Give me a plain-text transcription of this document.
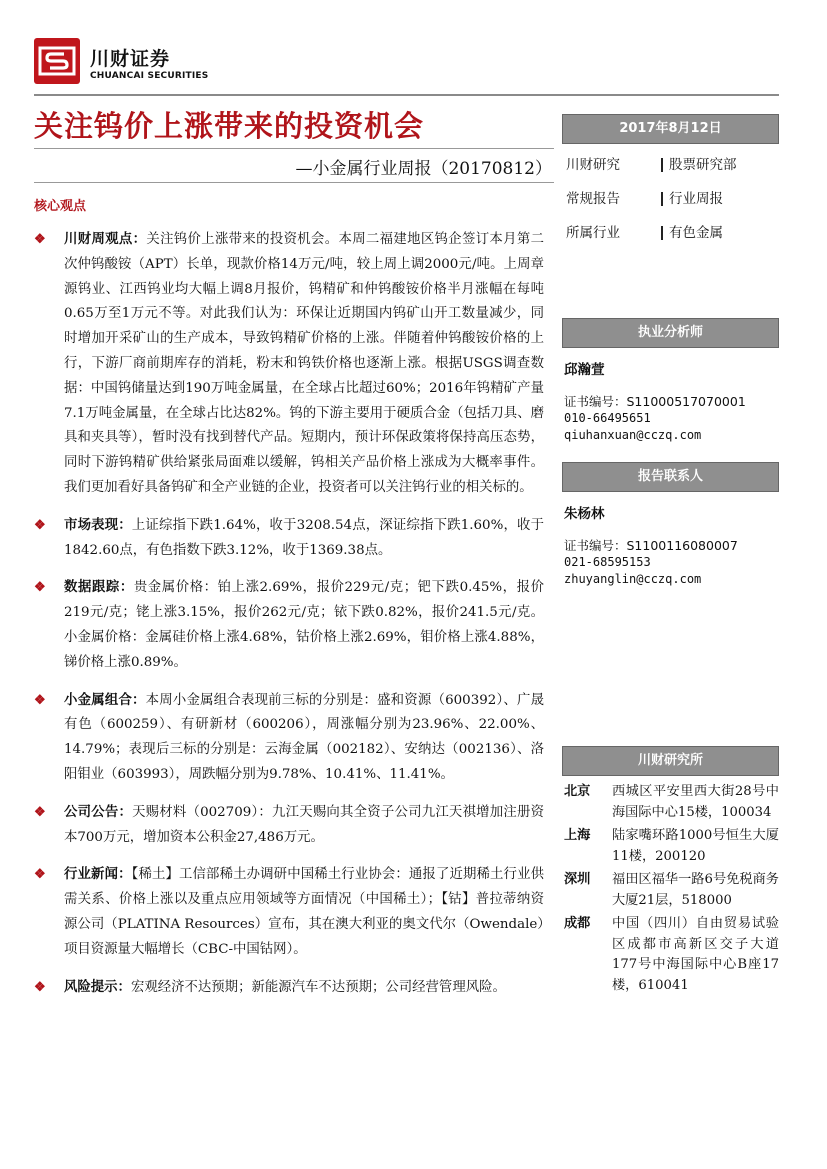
川财证券
CHUANCAI SECURITIES
关注钨价上涨带来的投资机会
—小金属行业周报（20170812）
核心观点
❖ 川财周观点：关注钨价上涨带来的投资机会。本周二福建地区钨企签订本月第二次仲钨酸铵（APT）长单，现款价格14万元/吨，较上周上调2000元/吨。上周章源钨业、江西钨业均大幅上调8月报价，钨精矿和仲钨酸铵价格半月涨幅在每吨0.65万至1万元不等。对此我们认为：环保让近期国内钨矿山开工数量减少，同时增加开采矿山的生产成本，导致钨精矿价格的上涨。伴随着仲钨酸铵价格的上行，下游厂商前期库存的消耗，粉末和钨铁价格也逐渐上涨。根据USGS调查数据：中国钨储量达到190万吨金属量，在全球占比超过60%；2016年钨精矿产量7.1万吨金属量，在全球占比达82%。钨的下游主要用于硬质合金（包括刀具、磨具和夹具等），暂时没有找到替代产品。短期内，预计环保政策将保持高压态势，同时下游钨精矿供给紧张局面难以缓解，钨相关产品价格上涨成为大概率事件。我们更加看好具备钨矿和全产业链的企业，投资者可以关注钨行业的相关标的。
❖ 市场表现：上证综指下跌1.64%，收于3208.54点，深证综指下跌1.60%，收于1842.60点，有色指数下跌3.12%，收于1369.38点。
❖ 数据跟踪：贵金属价格：铂上涨2.69%，报价229元/克；钯下跌0.45%，报价219元/克；铑上涨3.15%，报价262元/克；铱下跌0.82%，报价241.5元/克。小金属价格：金属硅价格上涨4.68%，钴价格上涨2.69%，钼价格上涨4.88%，锑价格上涨0.89%。
❖ 小金属组合：本周小金属组合表现前三标的分别是：盛和资源（600392）、广晟有色（600259）、有研新材（600206），周涨幅分别为23.96%、22.00%、14.79%；表现后三标的分别是：云海金属（002182）、安纳达（002136）、洛阳钼业（603993），周跌幅分别为9.78%、10.41%、11.41%。
❖ 公司公告：天赐材料（002709）：九江天赐向其全资子公司九江天祺增加注册资本700万元，增加资本公积金27,486万元。
❖ 行业新闻：【稀土】工信部稀土办调研中国稀土行业协会：通报了近期稀土行业供需关系、价格上涨以及重点应用领域等方面情况（中国稀土）；【钴】普拉蒂纳资源公司（PLATINA Resources）宣布，其在澳大利亚的奥文代尔（Owendale）项目资源量大幅增长（CBC-中国钴网）。
❖ 风险提示：宏观经济不达预期；新能源汽车不达预期；公司经营管理风险。
2017年8月12日
川财研究	股票研究部
常规报告	行业周报
所属行业	有色金属
执业分析师
邱瀚萱
证书编号：S1100051707000​1
010-66495651
qiuhanxuan@cczq.com
报告联系人
朱杨林
证书编号：S1100116080007
021-68595153
zhuyanglin@cczq.com
川财研究所
北京	西城区平安里西大街28号中海国际中心15楼，100034
上海	陆家嘴环路1000号恒生大厦11楼，200120
深圳	福田区福华一路6号免税商务大厦21层，518000
成都	中国（四川）自由贸易试验区成都市高新区交子大道177号中海国际中心B座17楼，610041
